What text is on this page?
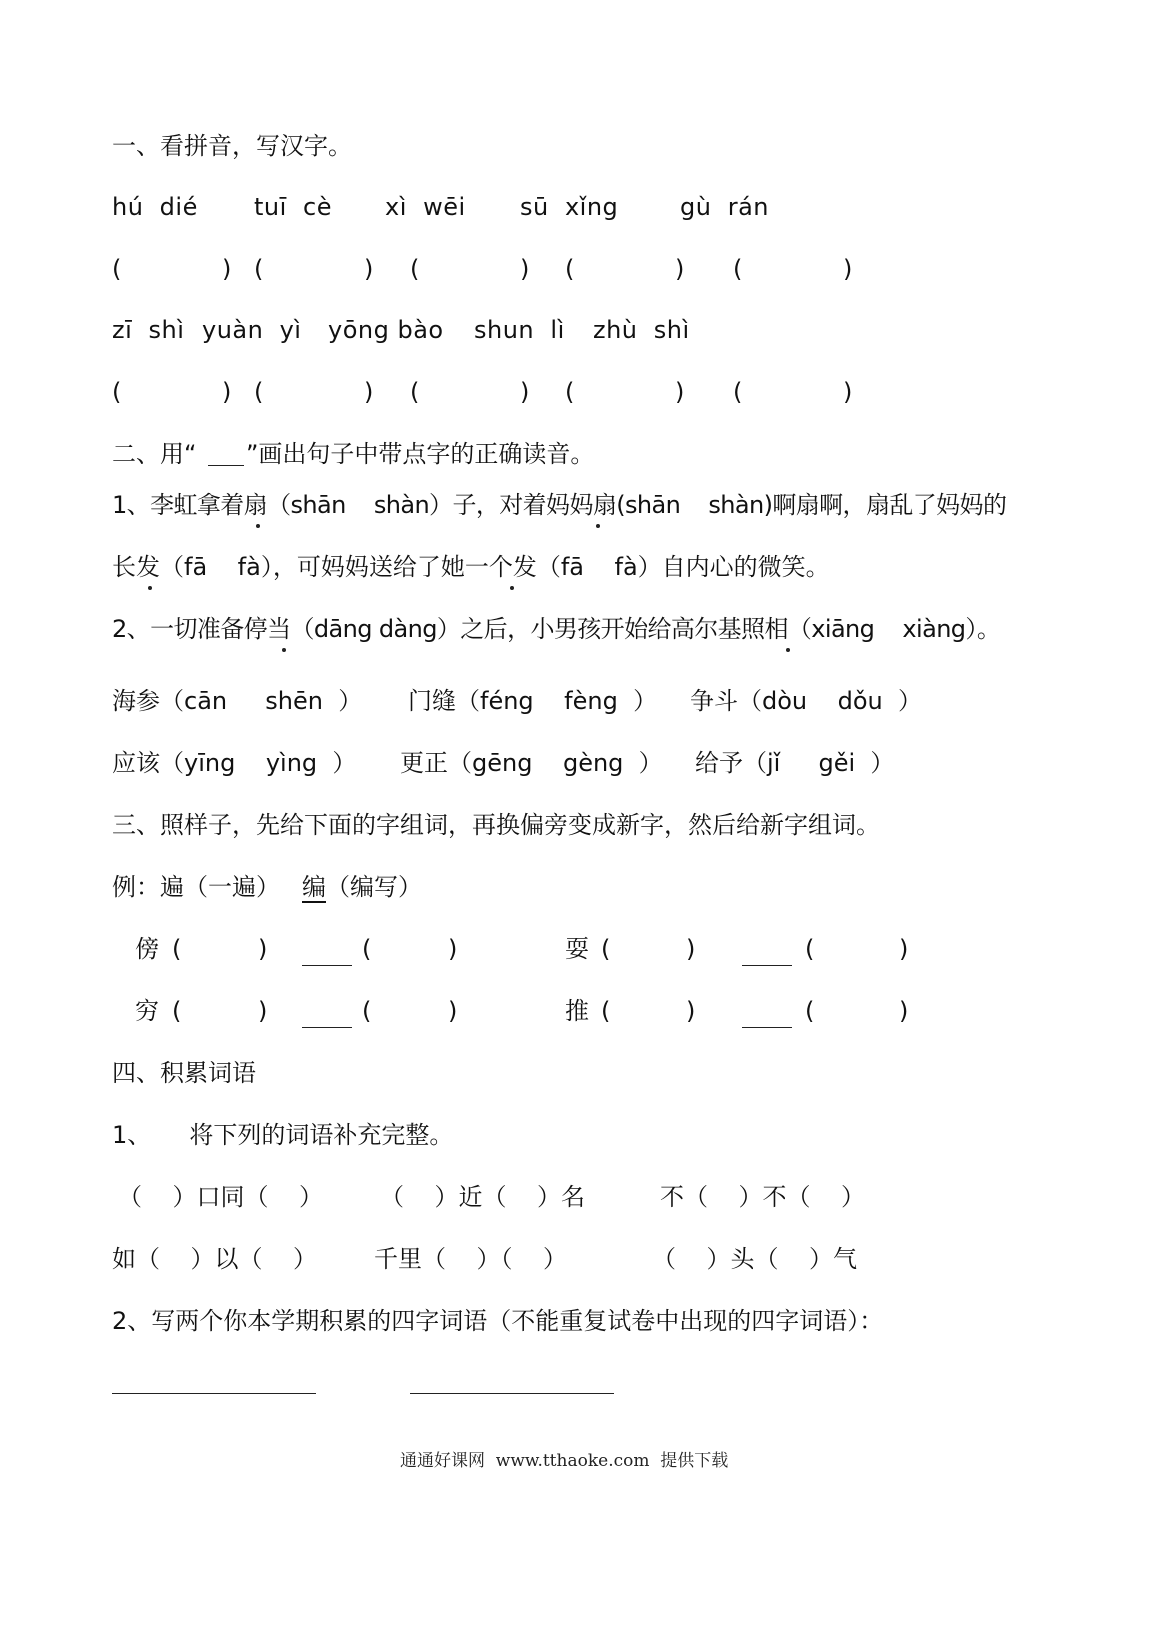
一、看拼音，写汉字。
hú  dié tuī  cè xì  wēi sū  xǐng	gù  rán
(	) (	) (	) (	) (	)
zī  shì yuàn  yì yōng bào shun  lì zhù  shì
(	) (	) (	) (	) (	)
二、用“ ”画出句子中带点字的正确读音。
1、李虹拿着扇（shān    shàn）子，对着妈妈扇(shān    shàn)啊扇啊，扇乱了妈妈的
长发（fā    fà），可妈妈送给了她一个发（fā    fà）自内心的微笑。
2、一切准备停当（dāng dàng）之后，小男孩开始给高尔基照相（xiāng    xiàng）。
海参（cān     shēn  ） 门缝（féng    fèng  ） 争斗（dòu    dǒu  ）
应该（yīng    yìng  ） 更正（gēng    gèng  ） 给予（jǐ     gěi  ）
三、照样子，先给下面的字组词，再换偏旁变成新字，然后给新字组词。
例：遍（一遍） 编 （编写）
傍 (	)	(	)	耍 (	)	(	)
穷 (	)	(	)	推 (	)	(	)
四、积累词语
1、     将下列的词语补充完整。
（    ）口同（    ） （    ）近（    ）名	不（    ）不（    ）
如（    ）以（    ） 千里（    ）（    ）	（    ）头（    ）气
2、写两个你本学期积累的四字词语（不能重复试卷中出现的四字词语）：
通通好课网  www.tthaoke.com  提供下载
